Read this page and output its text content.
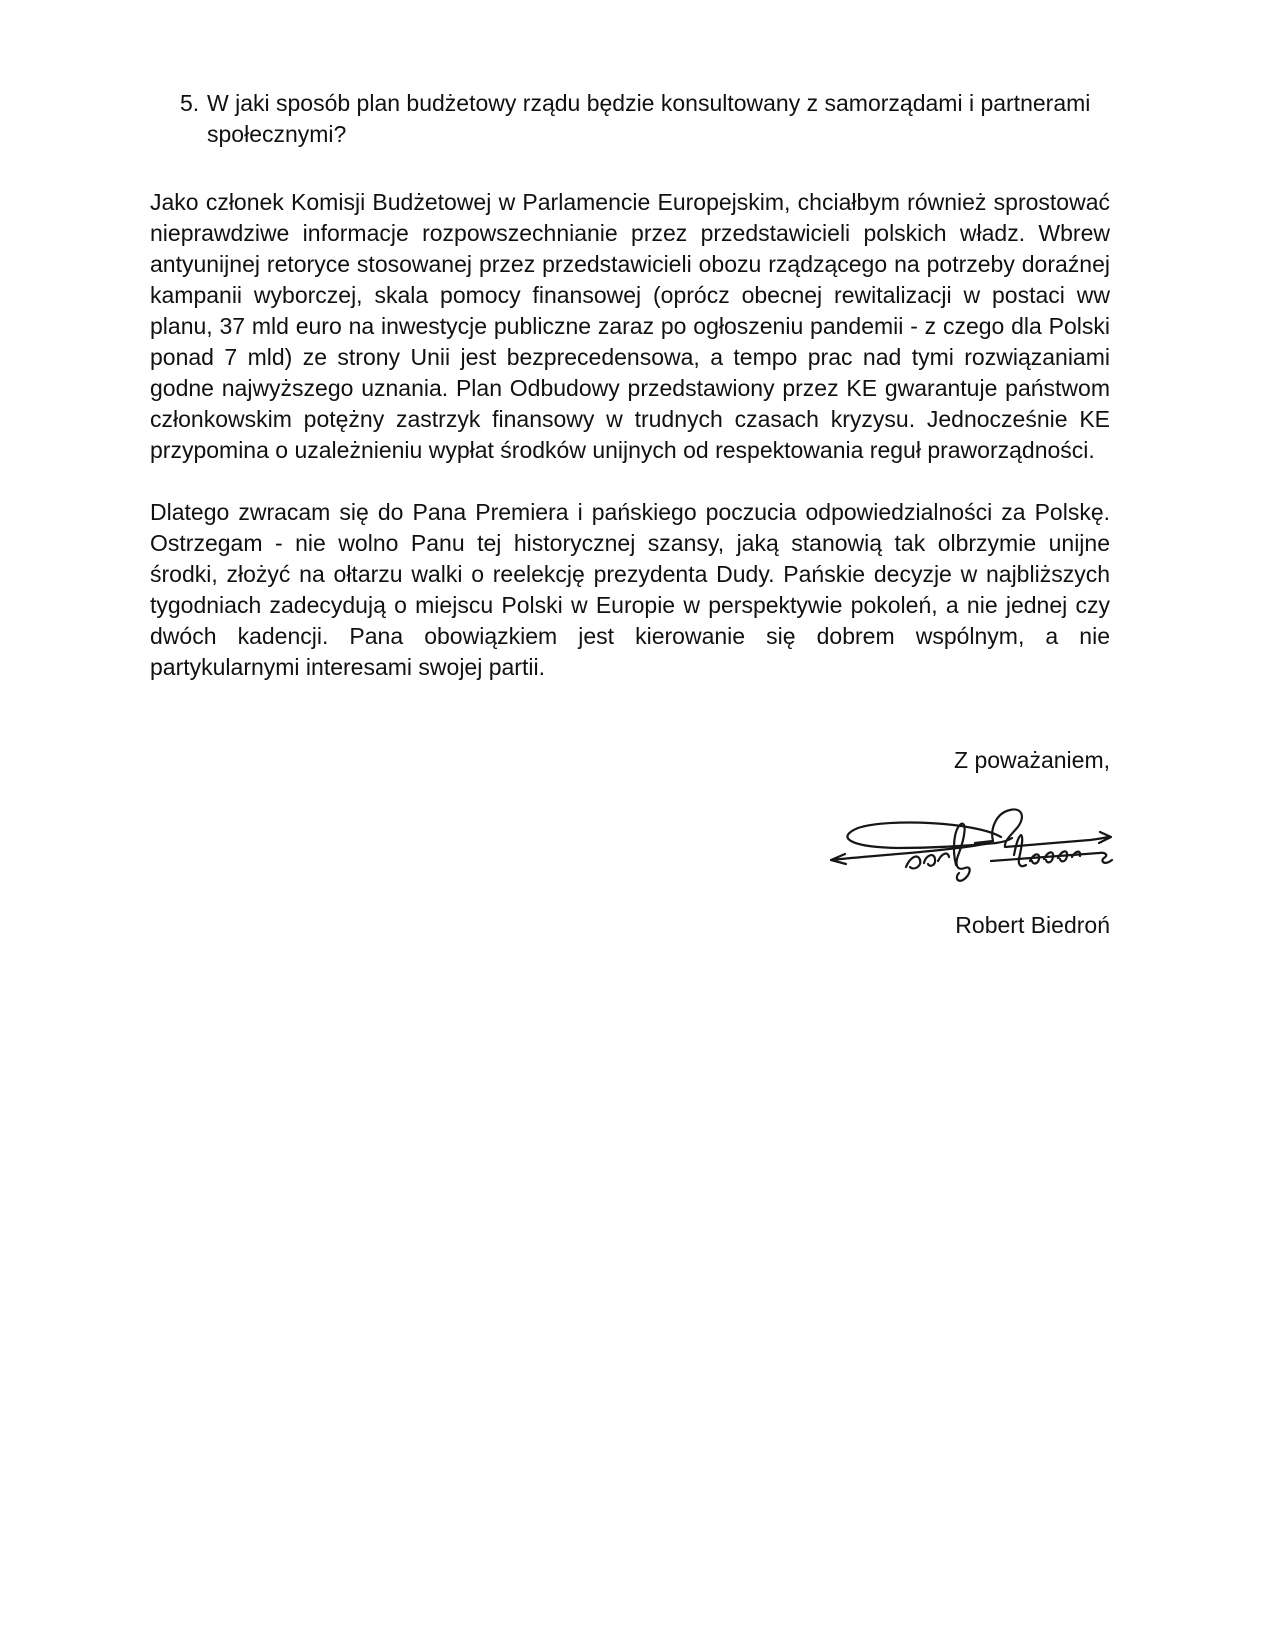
5. W jaki sposób plan budżetowy rządu będzie konsultowany z samorządami i partnerami społecznymi?

Jako członek Komisji Budżetowej w Parlamencie Europejskim, chciałbym również sprostować nieprawdziwe informacje rozpowszechnianie przez przedstawicieli polskich władz. Wbrew antyunijnej retoryce stosowanej przez przedstawicieli obozu rządzącego na potrzeby doraźnej kampanii wyborczej, skala pomocy finansowej (oprócz obecnej rewitalizacji w postaci ww planu, 37 mld euro na inwestycje publiczne zaraz po ogłoszeniu pandemii - z czego dla Polski ponad 7 mld) ze strony Unii jest bezprecedensowa, a tempo prac nad tymi rozwiązaniami godne najwyższego uznania. Plan Odbudowy przedstawiony przez KE gwarantuje państwom członkowskim potężny zastrzyk finansowy w trudnych czasach kryzysu. Jednocześnie KE przypomina o uzależnieniu wypłat środków unijnych od respektowania reguł praworządności.

Dlatego zwracam się do Pana Premiera i pańskiego poczucia odpowiedzialności za Polskę. Ostrzegam - nie wolno Panu tej historycznej szansy, jaką stanowią tak olbrzymie unijne środki, złożyć na ołtarzu walki o reelekcję prezydenta Dudy. Pańskie decyzje w najbliższych tygodniach zadecydują o miejscu Polski w Europie w perspektywie pokoleń, a nie jednej czy dwóch kadencji. Pana obowiązkiem jest kierowanie się dobrem wspólnym, a nie partykularnymi interesami swojej partii.

Z poważaniem,
Robert Biedroń
